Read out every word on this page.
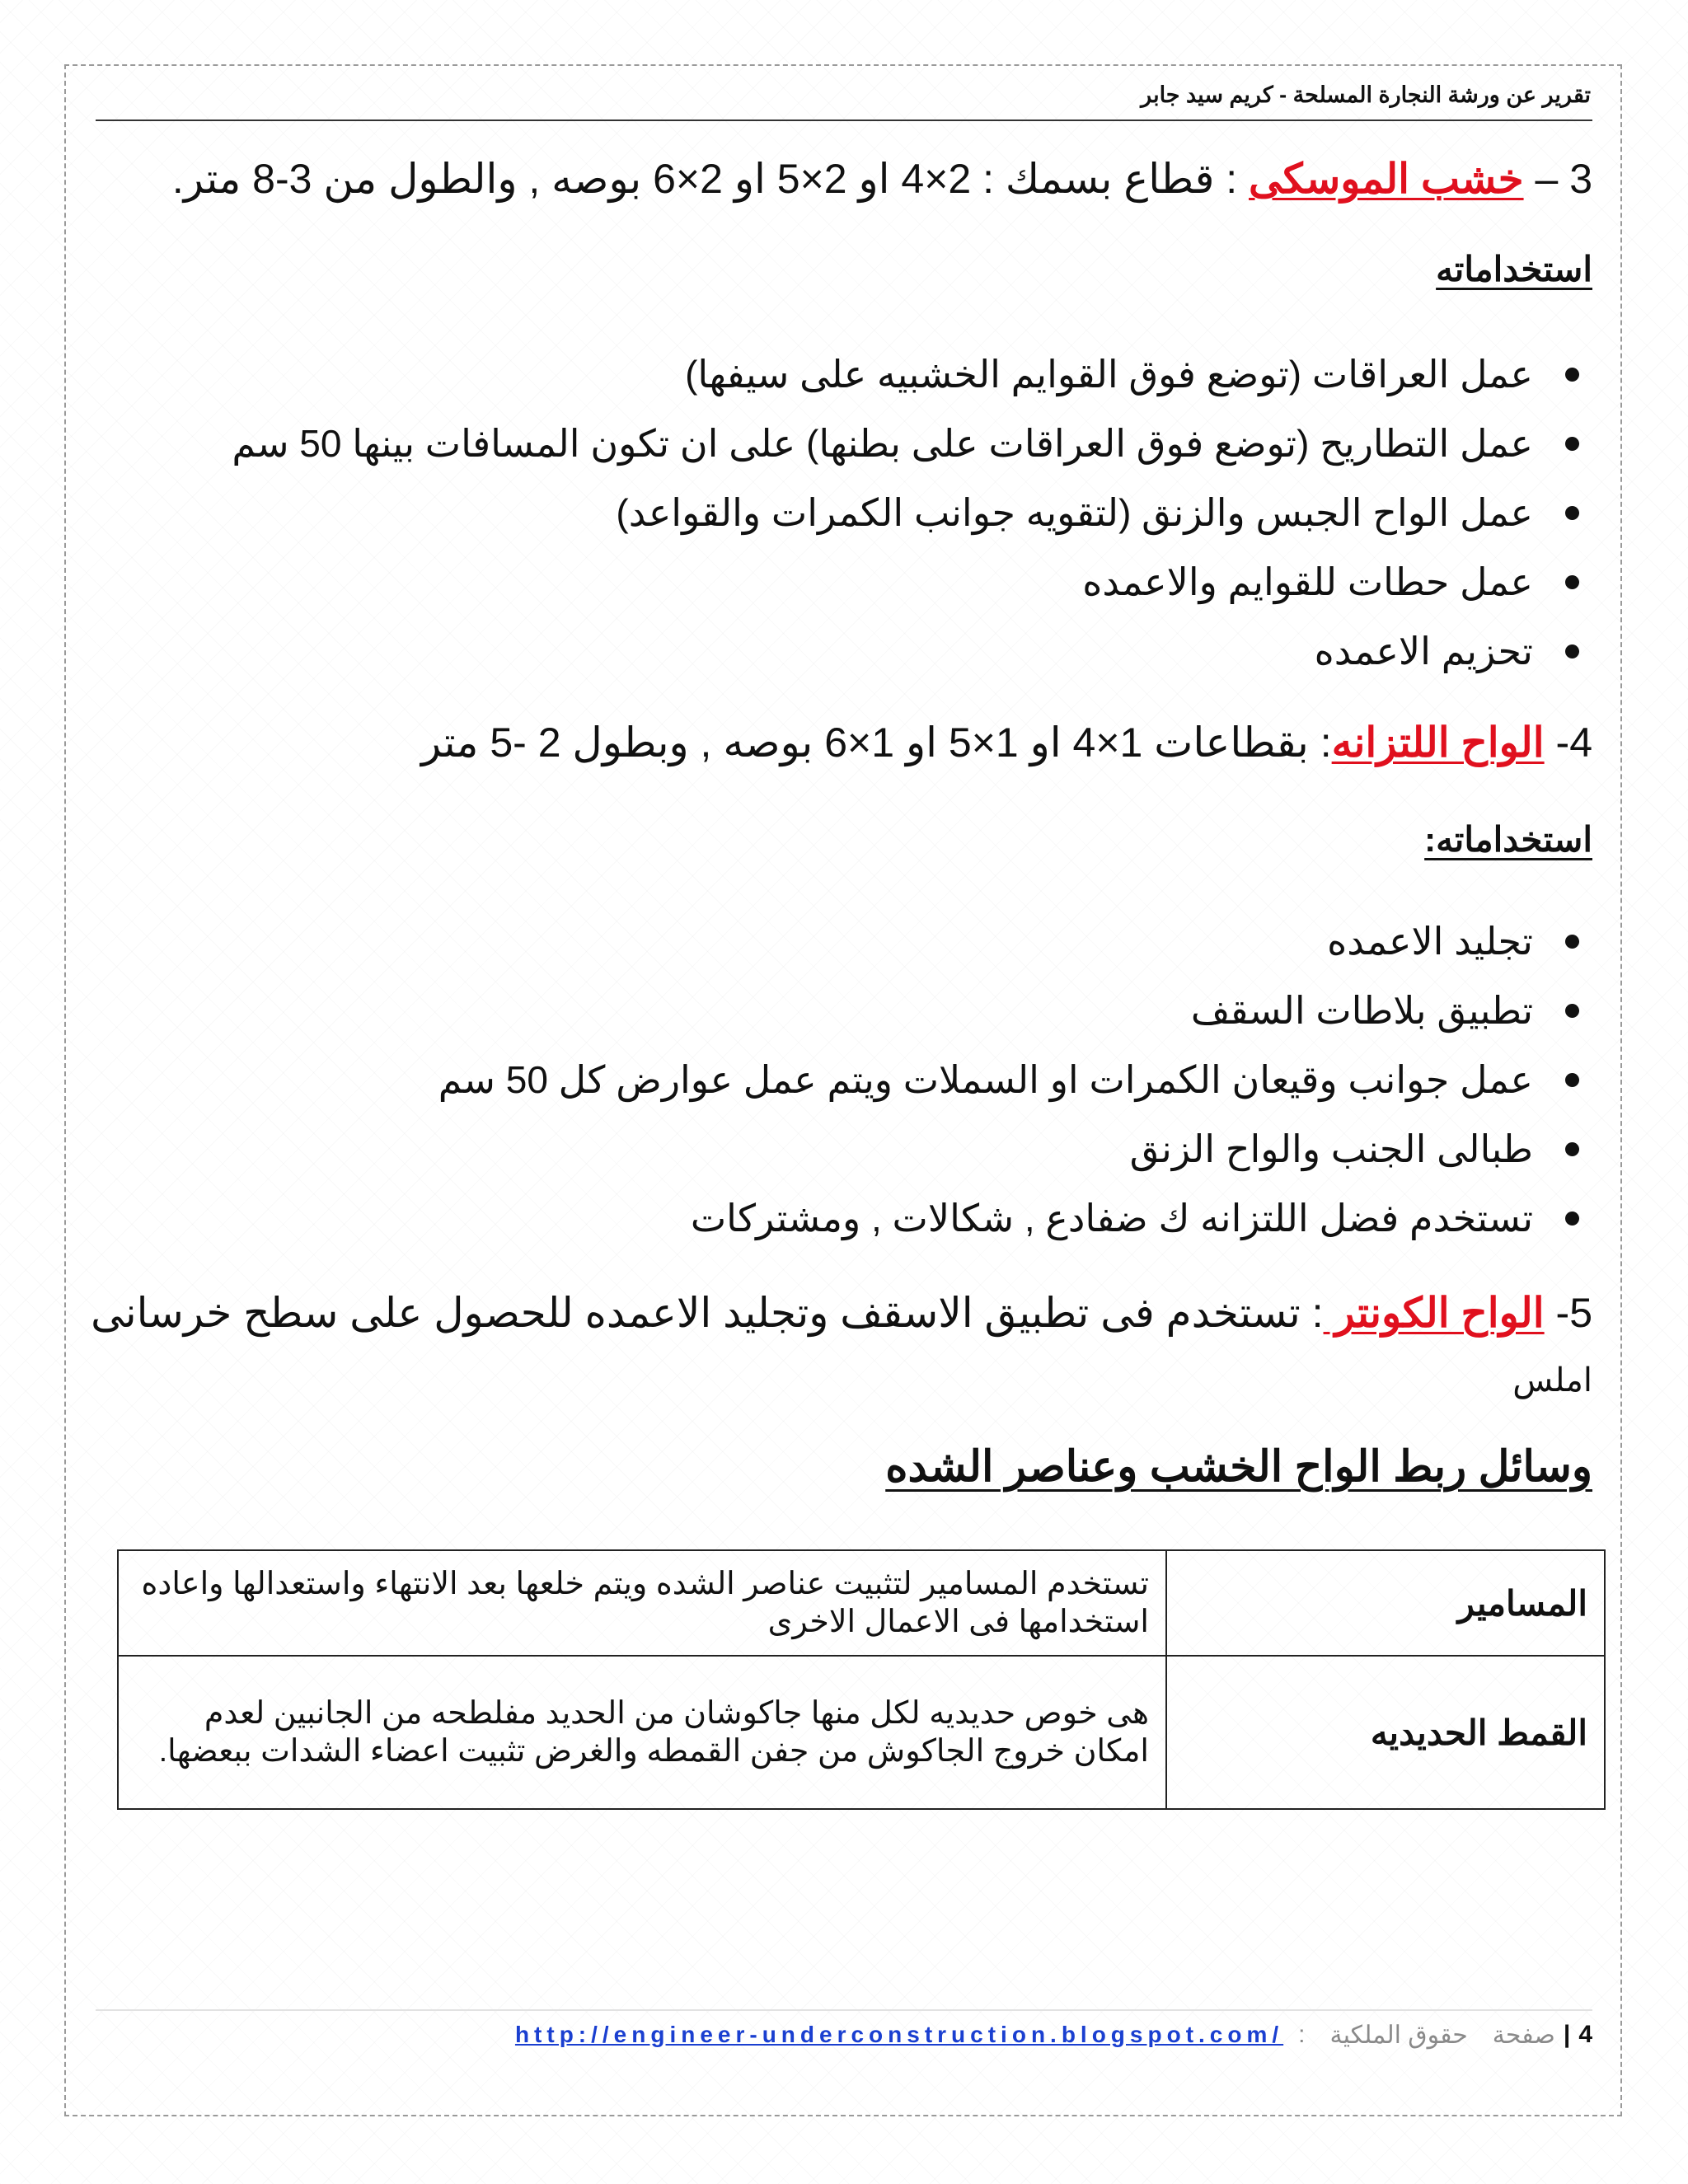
تقرير عن ورشة النجارة المسلحة - كريم سيد جابر
3 – خشب الموسكى : قطاع بسمك : 2×4 او 2×5 او 2×6 بوصه , والطول من 3-8 متر.
استخداماته
عمل العراقات (توضع فوق القوايم الخشبيه على سيفها)
عمل التطاريح (توضع فوق العراقات على بطنها) على ان تكون المسافات بينها 50 سم
عمل الواح الجبس والزنق (لتقويه جوانب الكمرات والقواعد)
عمل حطات للقوايم والاعمده
تحزيم الاعمده
4- الواح اللتزانه: بقطاعات 1×4 او 1×5 او 1×6 بوصه , وبطول 2 -5 متر
استخداماته:
تجليد الاعمده
تطبيق بلاطات السقف
عمل جوانب وقيعان الكمرات او السملات ويتم عمل عوارض كل 50 سم
طبالى الجنب والواح الزنق
تستخدم فضل اللتزانه ك ضفادع , شكالات , ومشتركات
5- الواح الكونتر : تستخدم فى تطبيق الاسقف وتجليد الاعمده للحصول على سطح خرسانى
املس
وسائل ربط الواح الخشب وعناصر الشده
المسامير	تستخدم المسامير لتثبيت عناصر الشده ويتم خلعها بعد الانتهاء واستعدالها واعاده استخدامها فى الاعمال الاخرى
القمط الحديديه	هى خوص حديديه لكل منها جاكوشان من الحديد مفلطحه من الجانبين لعدم امكان خروج الجاكوش من جفن القمطه والغرض تثبيت اعضاء الشدات ببعضها.
4
|
صفحة
حقوق الملكية
:
http://engineer-underconstruction.blogspot.com/
